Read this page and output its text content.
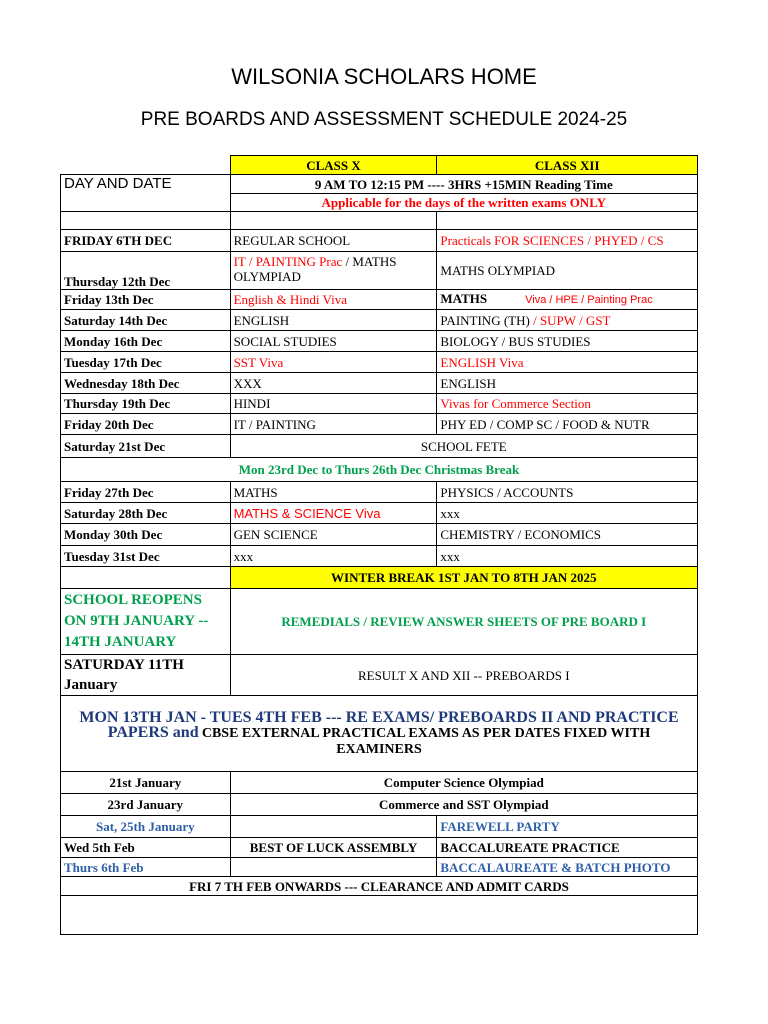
WILSONIA SCHOLARS HOME
PRE BOARDS AND ASSESSMENT SCHEDULE 2024-25
	CLASS X	CLASS XII
DAY AND DATE	9 AM TO 12:15 PM ---- 3HRS +15MIN Reading Time	
	Applicable for the days of the written exams ONLY	

FRIDAY 6TH DEC	REGULAR SCHOOL	Practicals FOR SCIENCES / PHYED / CS
Thursday 12th Dec	IT / PAINTING Prac / MATHS OLYMPIAD	MATHS OLYMPIAD
Friday 13th Dec	English & Hindi Viva	MATHS Viva / HPE / Painting Prac
Saturday 14th Dec	ENGLISH	PAINTING (TH) / SUPW / GST
Monday 16th Dec	SOCIAL STUDIES	BIOLOGY / BUS STUDIES
Tuesday 17th Dec	SST Viva	ENGLISH Viva
Wednesday 18th Dec	XXX	ENGLISH
Thursday 19th Dec	HINDI	Vivas for Commerce Section
Friday 20th Dec	IT / PAINTING	PHY ED / COMP SC / FOOD & NUTR
Saturday 21st Dec	SCHOOL FETE	
Mon 23rd Dec to Thurs 26th Dec Christmas Break		
Friday 27th Dec	MATHS	PHYSICS / ACCOUNTS
Saturday 28th Dec	MATHS & SCIENCE Viva	xxx
Monday 30th Dec	GEN SCIENCE	CHEMISTRY / ECONOMICS
Tuesday 31st Dec	xxx	xxx
	WINTER BREAK 1ST JAN TO 8TH JAN 2025	
SCHOOL REOPENS ON 9TH JANUARY -- 14TH JANUARY	REMEDIALS / REVIEW ANSWER SHEETS OF PRE BOARD I	
SATURDAY 11TH January	RESULT X AND XII -- PREBOARDS I	
MON 13TH JAN - TUES 4TH FEB --- RE EXAMS/ PREBOARDS II AND PRACTICE PAPERS and CBSE EXTERNAL PRACTICAL EXAMS AS PER DATES FIXED WITH EXAMINERS		
21st January	Computer Science Olympiad	
23rd January	Commerce and SST Olympiad	
Sat, 25th January		FAREWELL PARTY
Wed 5th Feb	BEST OF LUCK ASSEMBLY	BACCALUREATE PRACTICE
Thurs 6th Feb		BACCALAUREATE & BATCH PHOTO
FRI 7 TH FEB ONWARDS --- CLEARANCE AND ADMIT CARDS		
